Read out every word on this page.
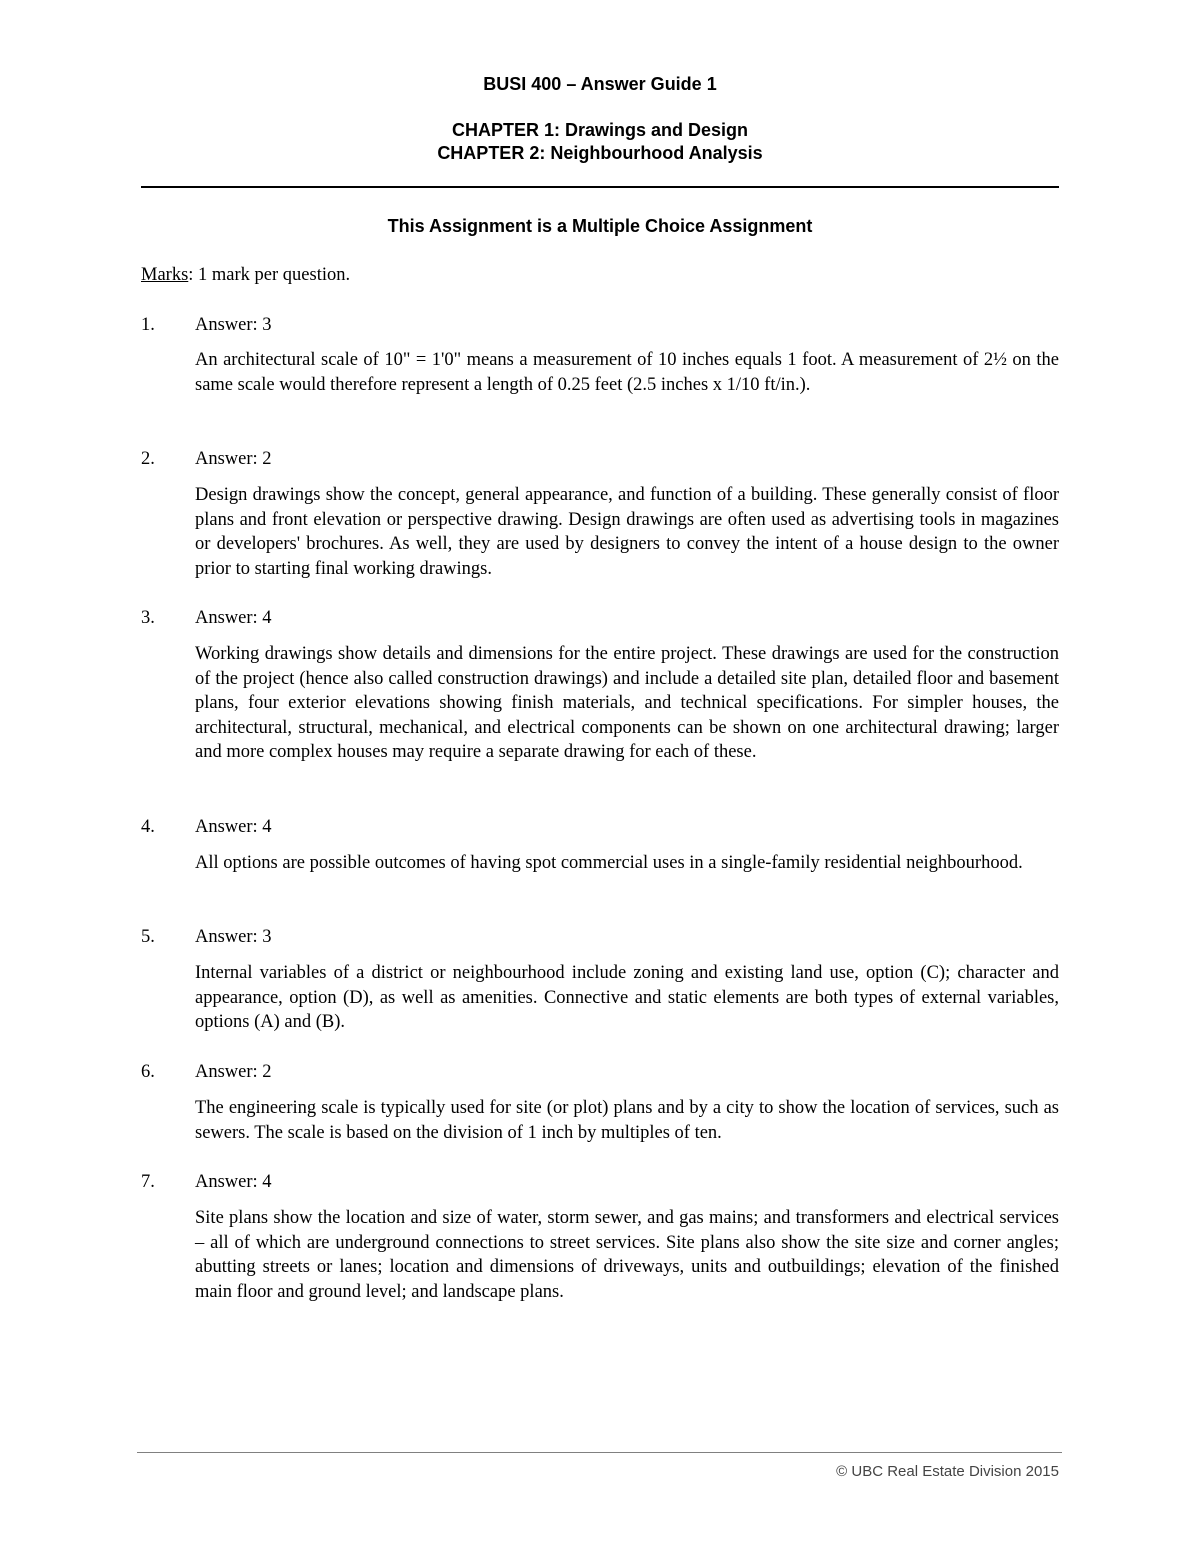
BUSI 400 – Answer Guide 1
CHAPTER 1: Drawings and Design
CHAPTER 2: Neighbourhood Analysis
This Assignment is a Multiple Choice Assignment
Marks: 1 mark per question.
1. Answer: 3
An architectural scale of 10" = 1'0" means a measurement of 10 inches equals 1 foot. A measurement of 2½ on the same scale would therefore represent a length of 0.25 feet (2.5 inches x 1/10 ft/in.).
2. Answer: 2
Design drawings show the concept, general appearance, and function of a building. These generally consist of floor plans and front elevation or perspective drawing. Design drawings are often used as advertising tools in magazines or developers' brochures. As well, they are used by designers to convey the intent of a house design to the owner prior to starting final working drawings.
3. Answer: 4
Working drawings show details and dimensions for the entire project. These drawings are used for the construction of the project (hence also called construction drawings) and include a detailed site plan, detailed floor and basement plans, four exterior elevations showing finish materials, and technical specifications. For simpler houses, the architectural, structural, mechanical, and electrical components can be shown on one architectural drawing; larger and more complex houses may require a separate drawing for each of these.
4. Answer: 4
All options are possible outcomes of having spot commercial uses in a single-family residential neighbourhood.
5. Answer: 3
Internal variables of a district or neighbourhood include zoning and existing land use, option (C); character and appearance, option (D), as well as amenities. Connective and static elements are both types of external variables, options (A) and (B).
6. Answer: 2
The engineering scale is typically used for site (or plot) plans and by a city to show the location of services, such as sewers. The scale is based on the division of 1 inch by multiples of ten.
7. Answer: 4
Site plans show the location and size of water, storm sewer, and gas mains; and transformers and electrical services – all of which are underground connections to street services. Site plans also show the site size and corner angles; abutting streets or lanes; location and dimensions of driveways, units and outbuildings; elevation of the finished main floor and ground level; and landscape plans.
© UBC Real Estate Division 2015
